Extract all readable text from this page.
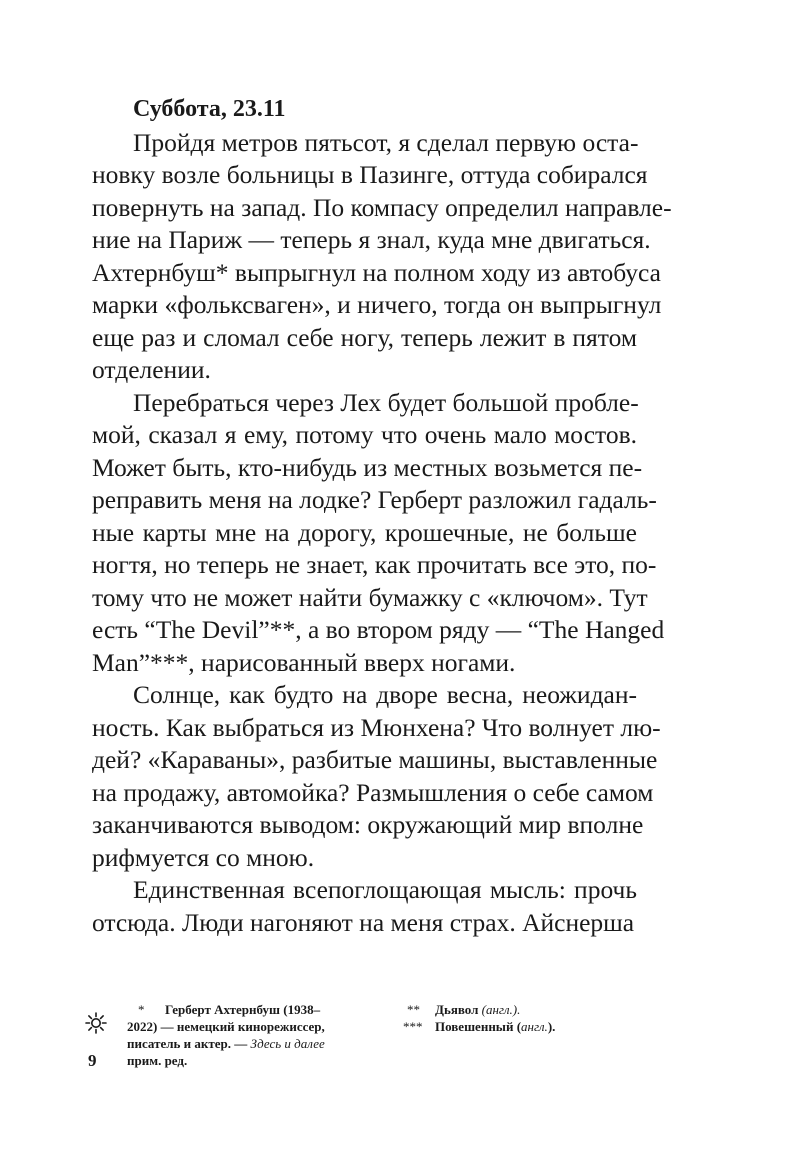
Суббота, 23.11

Пройдя метров пятьсот, я сделал первую оста-

новку возле больницы в Пазинге, оттуда собирался

повернуть на запад. По компасу определил направле-

ние на Париж — теперь я знал, куда мне двигаться.

Ахтернбуш* выпрыгнул на полном ходу из автобуса

марки «фольксваген», и ничего, тогда он выпрыгнул

еще раз и сломал себе ногу, теперь лежит в пятом

отделении.

Перебраться через Лех будет большой пробле-

мой, сказал я ему, потому что очень мало мостов.

Может быть, кто-нибудь из местных возьмется пе-

реправить меня на лодке? Герберт разложил гадаль-

ные карты мне на дорогу, крошечные, не больше

ногтя, но теперь не знает, как прочитать все это, по-

тому что не может найти бумажку с «ключом». Тут

есть “The Devil”**, а во втором ряду — “The Hanged

Man”***, нарисованный вверх ногами.

Солнце, как будто на дворе весна, неожидан-

ность. Как выбраться из Мюнхена? Что волнует лю-

дей? «Караваны», разбитые машины, выставленные

на продажу, автомойка? Размышления о себе самом

заканчиваются выводом: окружающий мир вполне

рифмуется со мною.

Единственная всепоглощающая мысль: прочь

отсюда. Люди нагоняют на меня страх. Айснерша

9

* Герберт Ахтернбуш (1938–
2022) — немецкий кинорежиссер,
писатель и актер. — Здесь и далее
прим. ред.
** Дьявол (англ.).
*** Повешенный (англ.).
